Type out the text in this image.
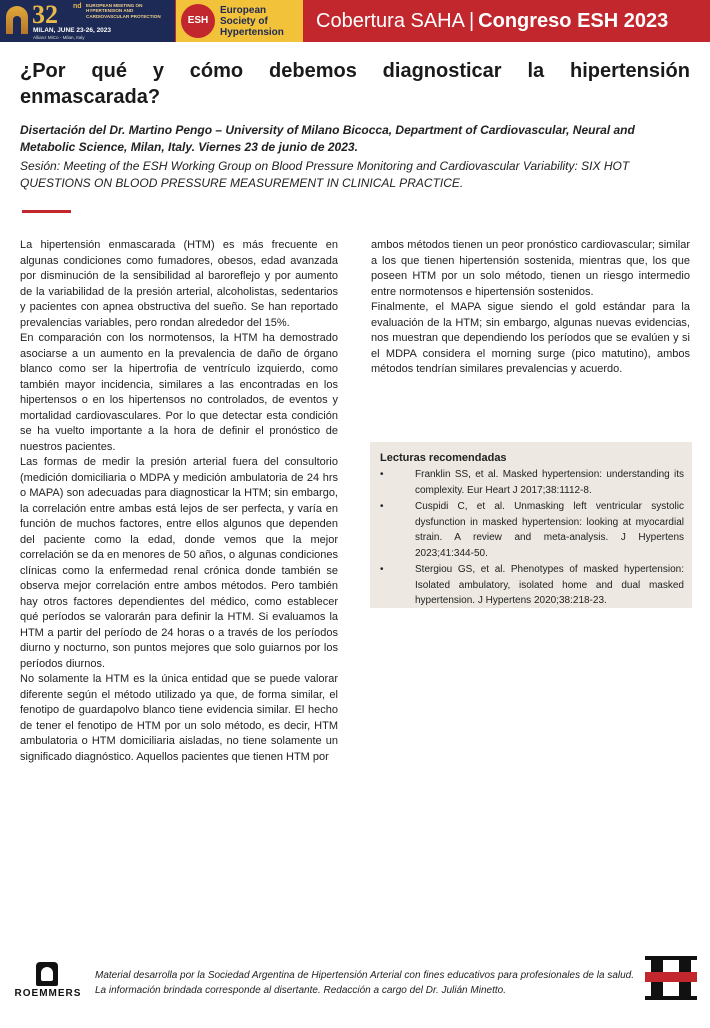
32 nd EUROPEAN MEETING ON HYPERTENSION AND CARDIOVASCULAR PROTECTION
MILAN, JUNE 23-26, 2023
Allianz MiCo - Milan, Italy
ESH
European Society of Hypertension
Cobertura SAHA | Congreso ESH 2023
¿Por qué y cómo debemos diagnosticar la hipertensión enmascarada?

Disertación del Dr. Martino Pengo – University of Milano Bicocca, Department of Cardiovascular, Neural and Metabolic Science, Milan, Italy. Viernes 23 de junio de 2023.

Sesión: Meeting of the ESH Working Group on Blood Pressure Monitoring and Cardiovascular Variability: SIX HOT QUESTIONS ON BLOOD PRESSURE MEASUREMENT IN CLINICAL PRACTICE.

La hipertensión enmascarada (HTM) es más frecuente en algunas condiciones como fumadores, obesos, edad avanzada por disminución de la sensibilidad al baroreflejo y por aumento de la variabilidad de la presión arterial, alcoholistas, sedentarios y pacientes con apnea obstructiva del sueño. Se han reportado prevalencias variables, pero rondan alrededor del 15%.

En comparación con los normotensos, la HTM ha demostrado asociarse a un aumento en la prevalencia de daño de órgano blanco como ser la hipertrofia de ventrículo izquierdo, como también mayor incidencia, similares a las encontradas en los hipertensos o en los hipertensos no controlados, de eventos y mortalidad cardiovasculares. Por lo que detectar esta condición se ha vuelto importante a la hora de definir el pronóstico de nuestros pacientes.

Las formas de medir la presión arterial fuera del consultorio (medición domiciliaria o MDPA y medición ambulatoria de 24 hrs o MAPA) son adecuadas para diagnosticar la HTM; sin embargo, la correlación entre ambas está lejos de ser perfecta, y varía en función de muchos factores, entre ellos algunos que dependen del paciente como la edad, donde vemos que la mejor correlación se da en menores de 50 años, o algunas condiciones clínicas como la enfermedad renal crónica donde también se observa mejor correlación entre ambos métodos. Pero también hay otros factores dependientes del médico, como establecer qué períodos se valorarán para definir la HTM. Si evaluamos la HTM a partir del período de 24 horas o a través de los períodos diurno y nocturno, son puntos mejores que solo guiarnos por los períodos diurnos.

No solamente la HTM es la única entidad que se puede valorar diferente según el método utilizado ya que, de forma similar, el fenotipo de guardapolvo blanco tiene evidencia similar. El hecho de tener el fenotipo de HTM por un solo método, es decir, HTM ambulatoria o HTM domiciliaria aisladas, no tiene solamente un significado diagnóstico. Aquellos pacientes que tienen HTM por

ambos métodos tienen un peor pronóstico cardiovascular; similar a los que tienen hipertensión sostenida, mientras que, los que poseen HTM por un solo método, tienen un riesgo intermedio entre normotensos e hipertensión sostenidos.

Finalmente, el MAPA sigue siendo el gold estándar para la evaluación de la HTM; sin embargo, algunas nuevas evidencias, nos muestran que dependiendo los períodos que se evalúen y si el MDPA considera el morning surge (pico matutino), ambos métodos tendrían similares prevalencias y acuerdo.

Lecturas recomendadas
•	Franklin SS, et al. Masked hypertension: understanding its complexity. Eur Heart J 2017;38:1112-8.
•	Cuspidi C, et al. Unmasking left ventricular systolic dysfunction in masked hypertension: looking at myocardial strain. A review and meta-analysis. J Hypertens 2023;41:344-50.
•	Stergiou GS, et al. Phenotypes of masked hypertension: Isolated ambulatory, isolated home and dual masked hypertension. J Hypertens 2020;38:218-23.
ROEMMERS

Material desarrolla por la Sociedad Argentina de Hipertensión Arterial con fines educativos para profesionales de la salud. La información brindada corresponde al disertante. Redacción a cargo del Dr. Julián Minetto.
